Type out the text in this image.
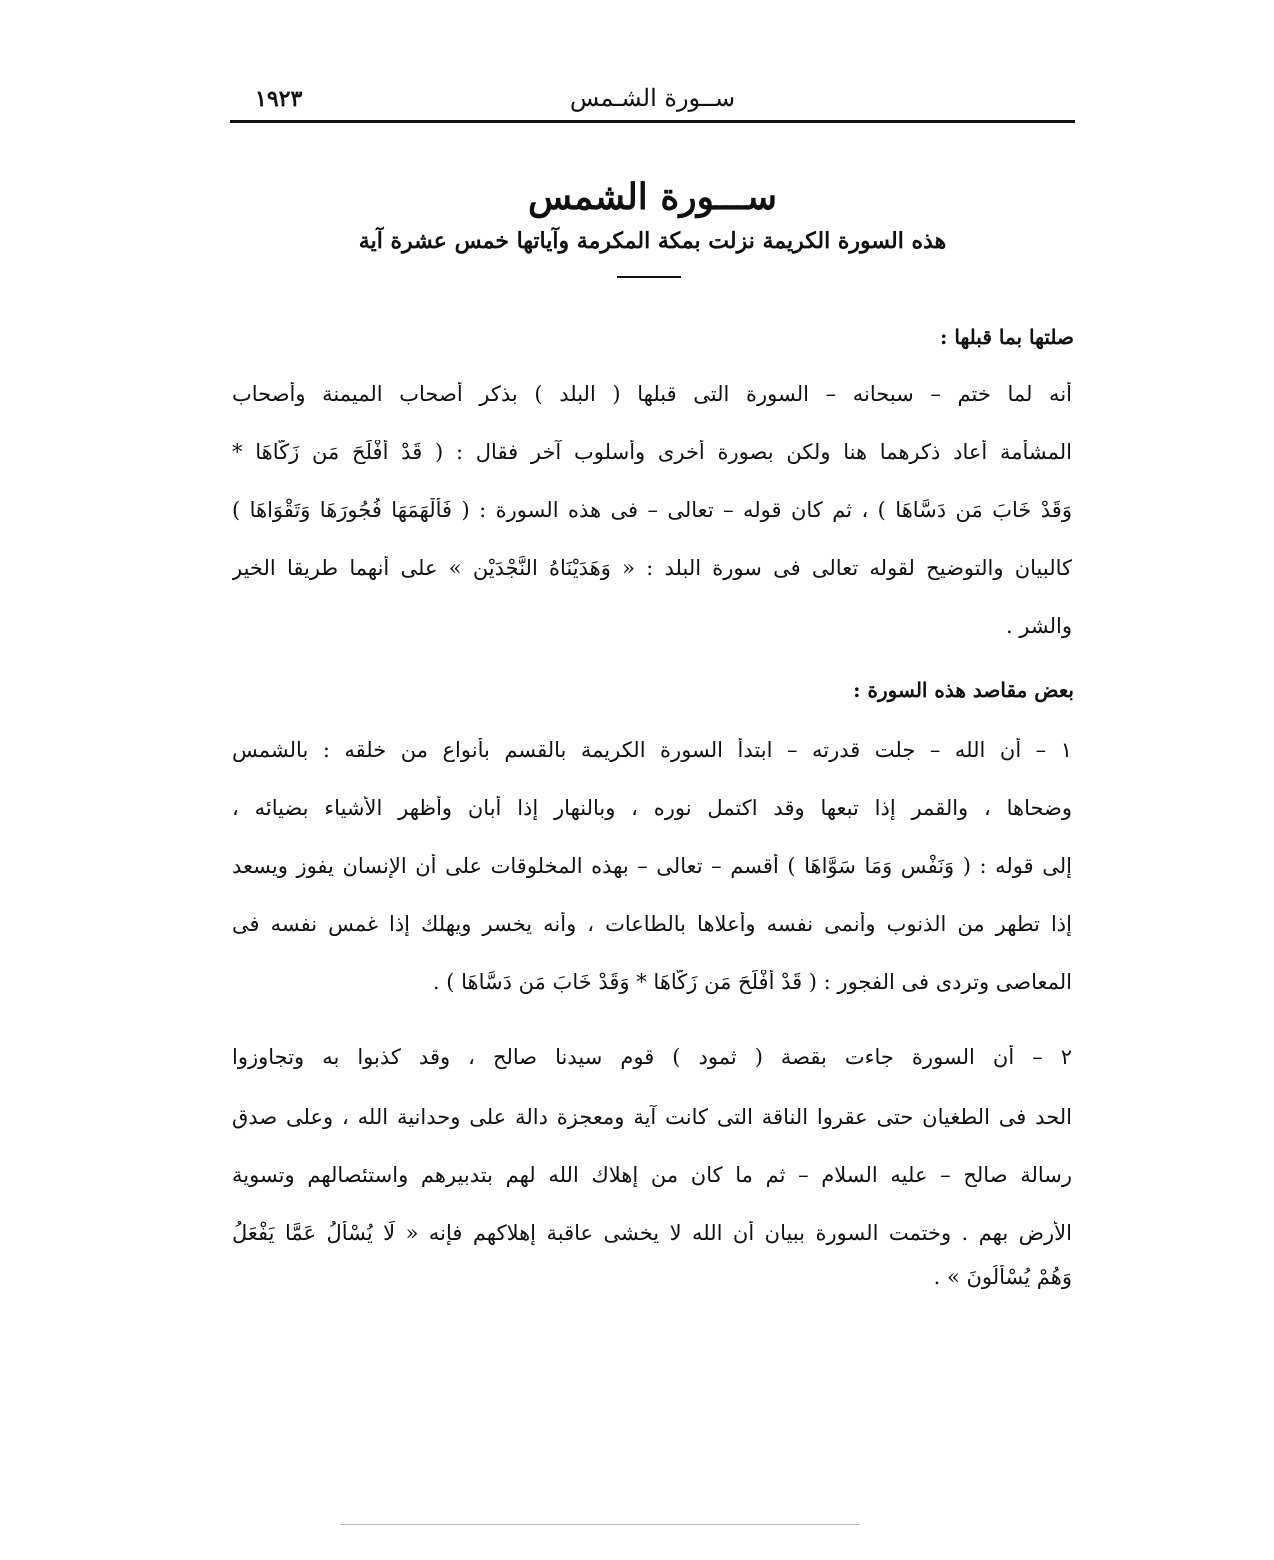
١٩٢٣	ســورة الشـمس
ســـورة الشمس
هذه السورة الكريمة نزلت بمكة المكرمة وآياتها خمس عشرة آية
صلتها بما قبلها :
أنه لما ختم – سبحانه – السورة التى قبلها ( البلد ) بذكر أصحاب الميمنة وأصحاب
المشأمة أعاد ذكرهما هنا ولكن بصورة أخرى وأسلوب آخر فقال : ( قَدْ أَفْلَحَ مَن زَكَّاهَا *
وَقَدْ خَابَ مَن دَسَّاهَا ) ، ثم كان قوله – تعالى – فى هذه السورة : ( فَأَلْهَمَهَا فُجُورَهَا وَتَقْوَاهَا )
كالبيان والتوضيح لقوله تعالى فى سورة البلد : « وَهَدَيْنَاهُ النَّجْدَيْنِ » على أنهما طريقا الخير
والشر .
بعض مقاصد هذه السورة :
١ – أن الله – جلت قدرته – ابتدأ السورة الكريمة بالقسم بأنواع من خلقه : بالشمس
وضحاها ، والقمر إذا تبعها وقد اكتمل نوره ، وبالنهار إذا أبان وأظهر الأشياء بضيائه ،
إلى قوله : ( وَنَفْسٍ وَمَا سَوَّاهَا ) أقسم – تعالى – بهذه المخلوقات على أن الإنسان يفوز ويسعد
إذا تطهر من الذنوب وأنمى نفسه وأعلاها بالطاعات ، وأنه يخسر ويهلك إذا غمس نفسه فى
المعاصى وتردى فى الفجور : ( قَدْ أَفْلَحَ مَن زَكَّاهَا * وَقَدْ خَابَ مَن دَسَّاهَا ) .
٢ – أن السورة جاءت بقصة ( ثمود ) قوم سيدنا صالح ، وقد كذبوا به وتجاوزوا
الحد فى الطغيان حتى عقروا الناقة التى كانت آية ومعجزة دالة على وحدانية الله ، وعلى صدق
رسالة صالح – عليه السلام – ثم ما كان من إهلاك الله لهم بتدبيرهم واستئصالهم وتسوية
الأرض بهم . وختمت السورة ببيان أن الله لا يخشى عاقبة إهلاكهم فإنه « لَا يُسْأَلُ عَمَّا يَفْعَلُ
وَهُمْ يُسْأَلُونَ » .
